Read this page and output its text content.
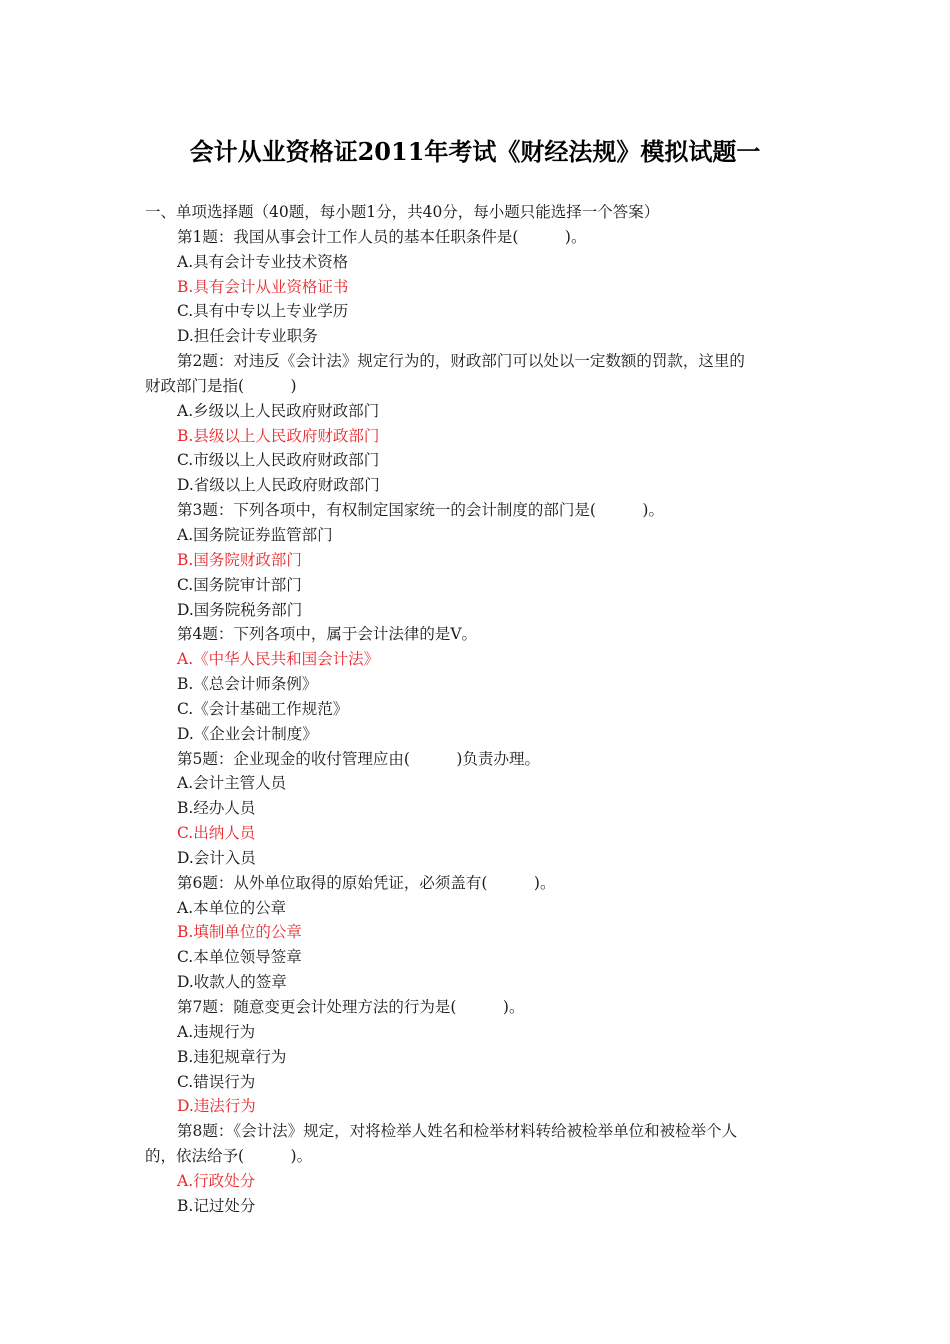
会计从业资格证2011年考试《财经法规》模拟试题一
一、单项选择题（40题，每小题1分，共40分，每小题只能选择一个答案）
第1题：我国从事会计工作人员的基本任职条件是(　　　)。
A.具有会计专业技术资格
B.具有会计从业资格证书
C.具有中专以上专业学历
D.担任会计专业职务
第2题：对违反《会计法》规定行为的，财政部门可以处以一定数额的罚款，这里的
财政部门是指(　　　)
A.乡级以上人民政府财政部门
B.县级以上人民政府财政部门
C.市级以上人民政府财政部门
D.省级以上人民政府财政部门
第3题：下列各项中，有权制定国家统一的会计制度的部门是(　　　)。
A.国务院证券监管部门
B.国务院财政部门
C.国务院审计部门
D.国务院税务部门
第4题：下列各项中，属于会计法律的是V。
A.《中华人民共和国会计法》
B.《总会计师条例》
C.《会计基础工作规范》
D.《企业会计制度》
第5题：企业现金的收付管理应由(　　　)负责办理。
A.会计主管人员
B.经办人员
C.出纳人员
D.会计入员
第6题：从外单位取得的原始凭证，必须盖有(　　　)。
A.本单位的公章
B.填制单位的公章
C.本单位领导签章
D.收款人的签章
第7题：随意变更会计处理方法的行为是(　　　)。
A.违规行为
B.违犯规章行为
C.错误行为
D.违法行为
第8题：《会计法》规定，对将检举人姓名和检举材料转给被检举单位和被检举个人
的，依法给予(　　　)。
A.行政处分
B.记过处分
